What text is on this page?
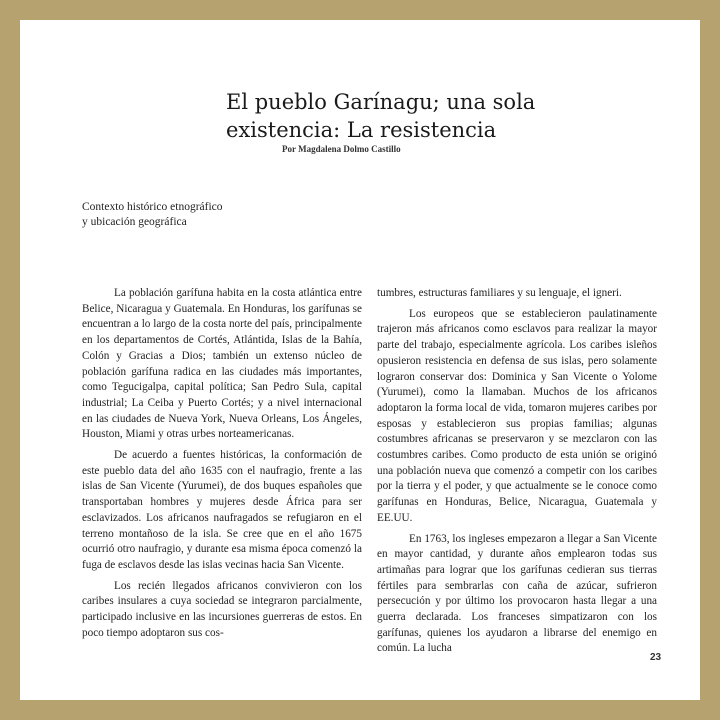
El pueblo Garínagu; una sola
existencia: La resistencia

Por Magdalena Dolmo Castillo

Contexto histórico etnográfico
y ubicación geográfica

La población garífuna habita en la costa atlántica entre Belice, Nicaragua y Guatemala. En Honduras, los garífunas se encuentran a lo largo de la costa norte del país, principalmente en los departamentos de Cortés, Atlántida, Islas de la Bahía, Colón y Gracias a Dios; también un extenso núcleo de población garífuna radica en las ciudades más importantes, como Tegucigalpa, capital política; San Pedro Sula, capital industrial; La Ceiba y Puerto Cortés; y a nivel internacional en las ciudades de Nueva York, Nueva Orleans, Los Ángeles, Houston, Miami y otras urbes norteamericanas.

De acuerdo a fuentes históricas, la conformación de este pueblo data del año 1635 con el naufragio, frente a las islas de San Vicente (Yurumei), de dos buques españoles que transportaban hombres y mujeres desde África para ser esclavizados. Los africanos naufragados se refugiaron en el terreno montañoso de la isla. Se cree que en el año 1675 ocurrió otro naufragio, y durante esa misma época comenzó la fuga de esclavos desde las islas vecinas hacia San Vicente.

Los recién llegados africanos convivieron con los caribes insulares a cuya sociedad se integraron parcialmente, participado inclusive en las incursiones guerreras de estos. En poco tiempo adoptaron sus cos-

tumbres, estructuras familiares y su lenguaje, el igneri.

Los europeos que se establecieron paulatinamente trajeron más africanos como esclavos para realizar la mayor parte del trabajo, especialmente agrícola. Los caribes isleños opusieron resistencia en defensa de sus islas, pero solamente lograron conservar dos: Dominica y San Vicente o Yolome (Yurumei), como la llamaban. Muchos de los africanos adoptaron la forma local de vida, tomaron mujeres caribes por esposas y establecieron sus propias familias; algunas costumbres africanas se preservaron y se mezclaron con las costumbres caribes. Como producto de esta unión se originó una población nueva que comenzó a competir con los caribes por la tierra y el poder, y que actualmente se le conoce como garífunas en Honduras, Belice, Nicaragua, Guatemala y EE.UU.

En 1763, los ingleses empezaron a llegar a San Vicente en mayor cantidad, y durante años emplearon todas sus artimañas para lograr que los garífunas cedieran sus tierras fértiles para sembrarlas con caña de azúcar, sufrieron persecución y por último los provocaron hasta llegar a una guerra declarada. Los franceses simpatizaron con los garífunas, quienes los ayudaron a librarse del enemigo en común. La lucha

23
